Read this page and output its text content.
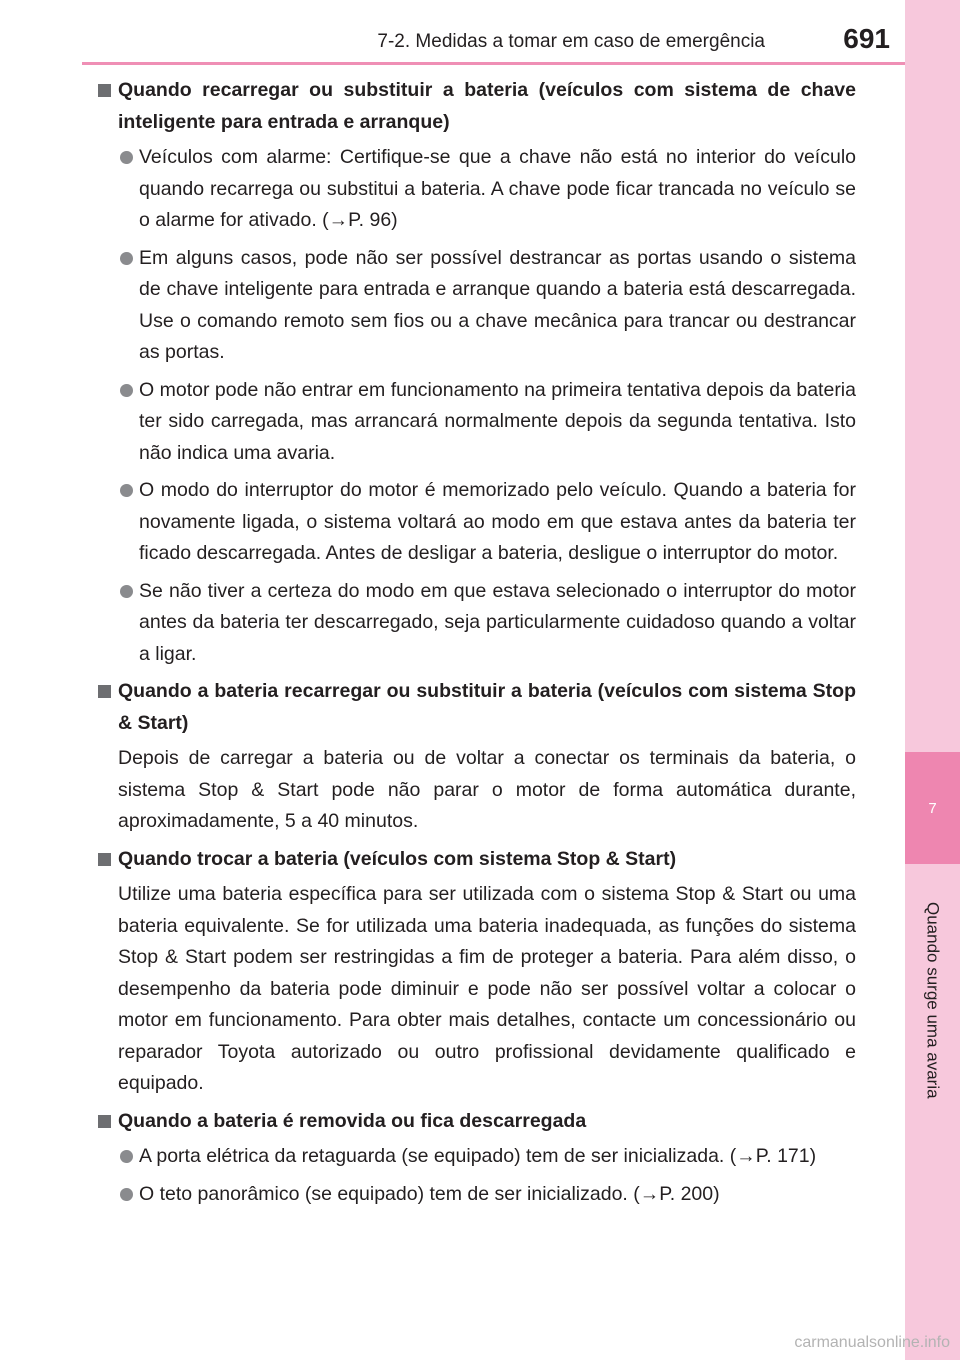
7-2. Medidas a tomar em caso de emergência	691
7
Quando surge uma avaria
Quando recarregar ou substituir a bateria (veículos com sistema de chave inteligente para entrada e arranque)
Veículos com alarme: Certifique-se que a chave não está no interior do veículo quando recarrega ou substitui a bateria. A chave pode ficar trancada no veículo se o alarme for ativado. (→P. 96)
Em alguns casos, pode não ser possível destrancar as portas usando o sistema de chave inteligente para entrada e arranque quando a bateria está descarregada. Use o comando remoto sem fios ou a chave mecânica para trancar ou destrancar as portas.
O motor pode não entrar em funcionamento na primeira tentativa depois da bateria ter sido carregada, mas arrancará normalmente depois da segunda tentativa. Isto não indica uma avaria.
O modo do interruptor do motor é memorizado pelo veículo. Quando a bateria for novamente ligada, o sistema voltará ao modo em que estava antes da bateria ter ficado descarregada. Antes de desligar a bateria, desligue o interruptor do motor.
Se não tiver a certeza do modo em que estava selecionado o interruptor do motor antes da bateria ter descarregado, seja particularmente cuidadoso quando a voltar a ligar.
Quando a bateria recarregar ou substituir a bateria (veículos com sistema Stop & Start)
Depois de carregar a bateria ou de voltar a conectar os terminais da bateria, o sistema Stop & Start pode não parar o motor de forma automática durante, aproximadamente, 5 a 40 minutos.
Quando trocar a bateria (veículos com sistema Stop & Start)
Utilize uma bateria específica para ser utilizada com o sistema Stop & Start ou uma bateria equivalente. Se for utilizada uma bateria inadequada, as funções do sistema Stop & Start podem ser restringidas a fim de proteger a bateria. Para além disso, o desempenho da bateria pode diminuir e pode não ser possível voltar a colocar o motor em funcionamento. Para obter mais detalhes, contacte um concessionário ou reparador Toyota autorizado ou outro profissional devidamente qualificado e equipado.
Quando a bateria é removida ou fica descarregada
A porta elétrica da retaguarda (se equipado) tem de ser inicializada. (→P. 171)
O teto panorâmico (se equipado) tem de ser inicializado. (→P. 200)
carmanualsonline.info
